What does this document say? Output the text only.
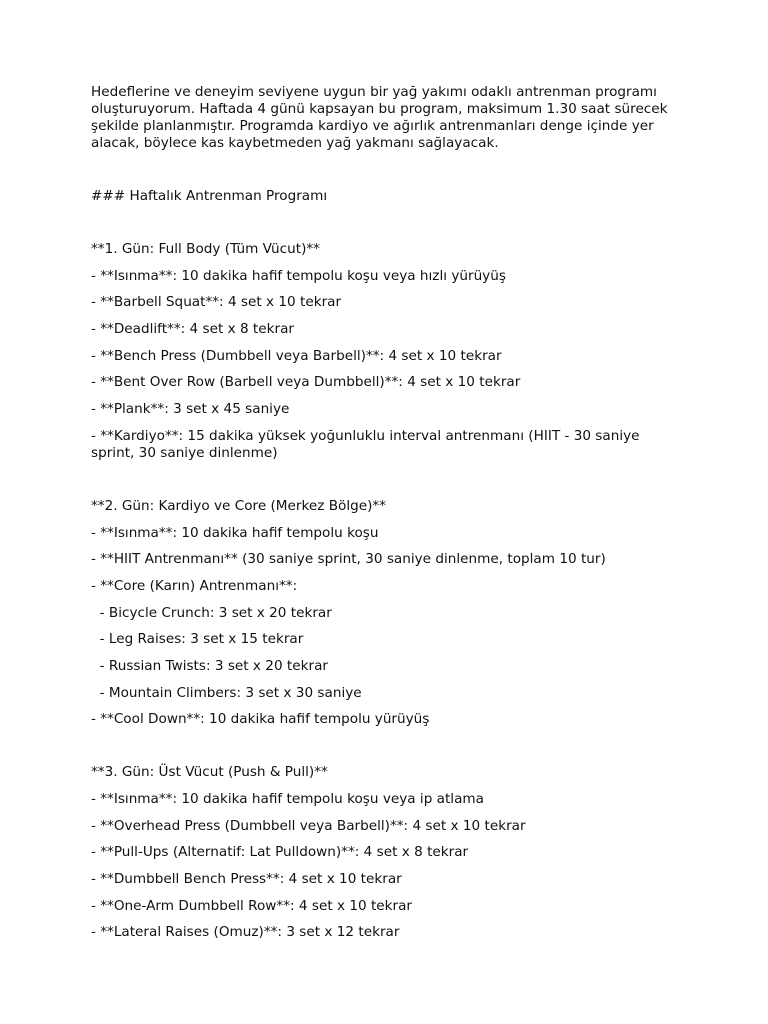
Hedeflerine ve deneyim seviyene uygun bir yağ yakımı odaklı antrenman programı oluşturuyorum. Haftada 4 günü kapsayan bu program, maksimum 1.30 saat sürecek şekilde planlanmıştır. Programda kardiyo ve ağırlık antrenmanları denge içinde yer alacak, böylece kas kaybetmeden yağ yakmanı sağlayacak.

### Haftalık Antrenman Programı

**1. Gün: Full Body (Tüm Vücut)**

- **Isınma**: 10 dakika hafif tempolu koşu veya hızlı yürüyüş

- **Barbell Squat**: 4 set x 10 tekrar

- **Deadlift**: 4 set x 8 tekrar

- **Bench Press (Dumbbell veya Barbell)**: 4 set x 10 tekrar

- **Bent Over Row (Barbell veya Dumbbell)**: 4 set x 10 tekrar

- **Plank**: 3 set x 45 saniye

- **Kardiyo**: 15 dakika yüksek yoğunluklu interval antrenmanı (HIIT - 30 saniye sprint, 30 saniye dinlenme)

**2. Gün: Kardiyo ve Core (Merkez Bölge)**

- **Isınma**: 10 dakika hafif tempolu koşu

- **HIIT Antrenmanı** (30 saniye sprint, 30 saniye dinlenme, toplam 10 tur)

- **Core (Karın) Antrenmanı**:

- Bicycle Crunch: 3 set x 20 tekrar

- Leg Raises: 3 set x 15 tekrar

- Russian Twists: 3 set x 20 tekrar

- Mountain Climbers: 3 set x 30 saniye

- **Cool Down**: 10 dakika hafif tempolu yürüyüş

**3. Gün: Üst Vücut (Push & Pull)**

- **Isınma**: 10 dakika hafif tempolu koşu veya ip atlama

- **Overhead Press (Dumbbell veya Barbell)**: 4 set x 10 tekrar

- **Pull-Ups (Alternatif: Lat Pulldown)**: 4 set x 8 tekrar

- **Dumbbell Bench Press**: 4 set x 10 tekrar

- **One-Arm Dumbbell Row**: 4 set x 10 tekrar

- **Lateral Raises (Omuz)**: 3 set x 12 tekrar
